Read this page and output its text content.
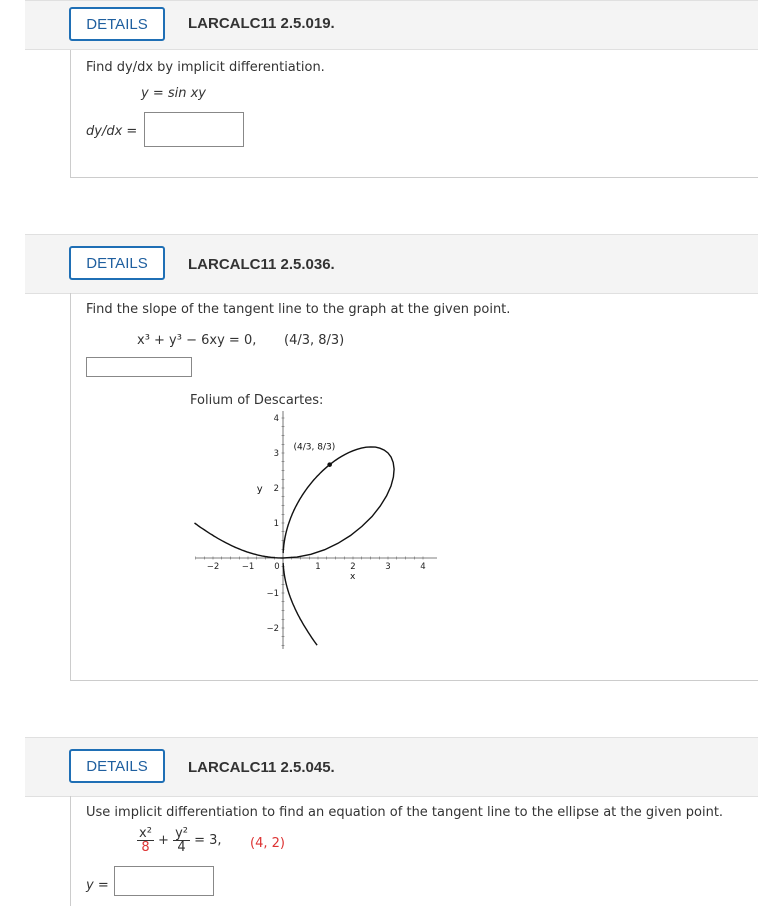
DETAILS	LARCALC11 2.5.019.
Find dy/dx by implicit differentiation.
y = sin xy
dy/dx =
DETAILS	LARCALC11 2.5.036.
Find the slope of the tangent line to the graph at the given point.
x³ + y³ − 6xy = 0, (4/3, 8/3)
Folium of Descartes:
−2	−1 0	1	2	3	4
4
3
2
1
−1
−2
(4/3, 8/3)
x
y
DETAILS	LARCALC11 2.5.045.
Use implicit differentiation to find an equation of the tangent line to the ellipse at the given point.
$\frac{\text{x²}}{8} + \frac{\text{y²}}{4} = 3$, (4, 2)
y =
